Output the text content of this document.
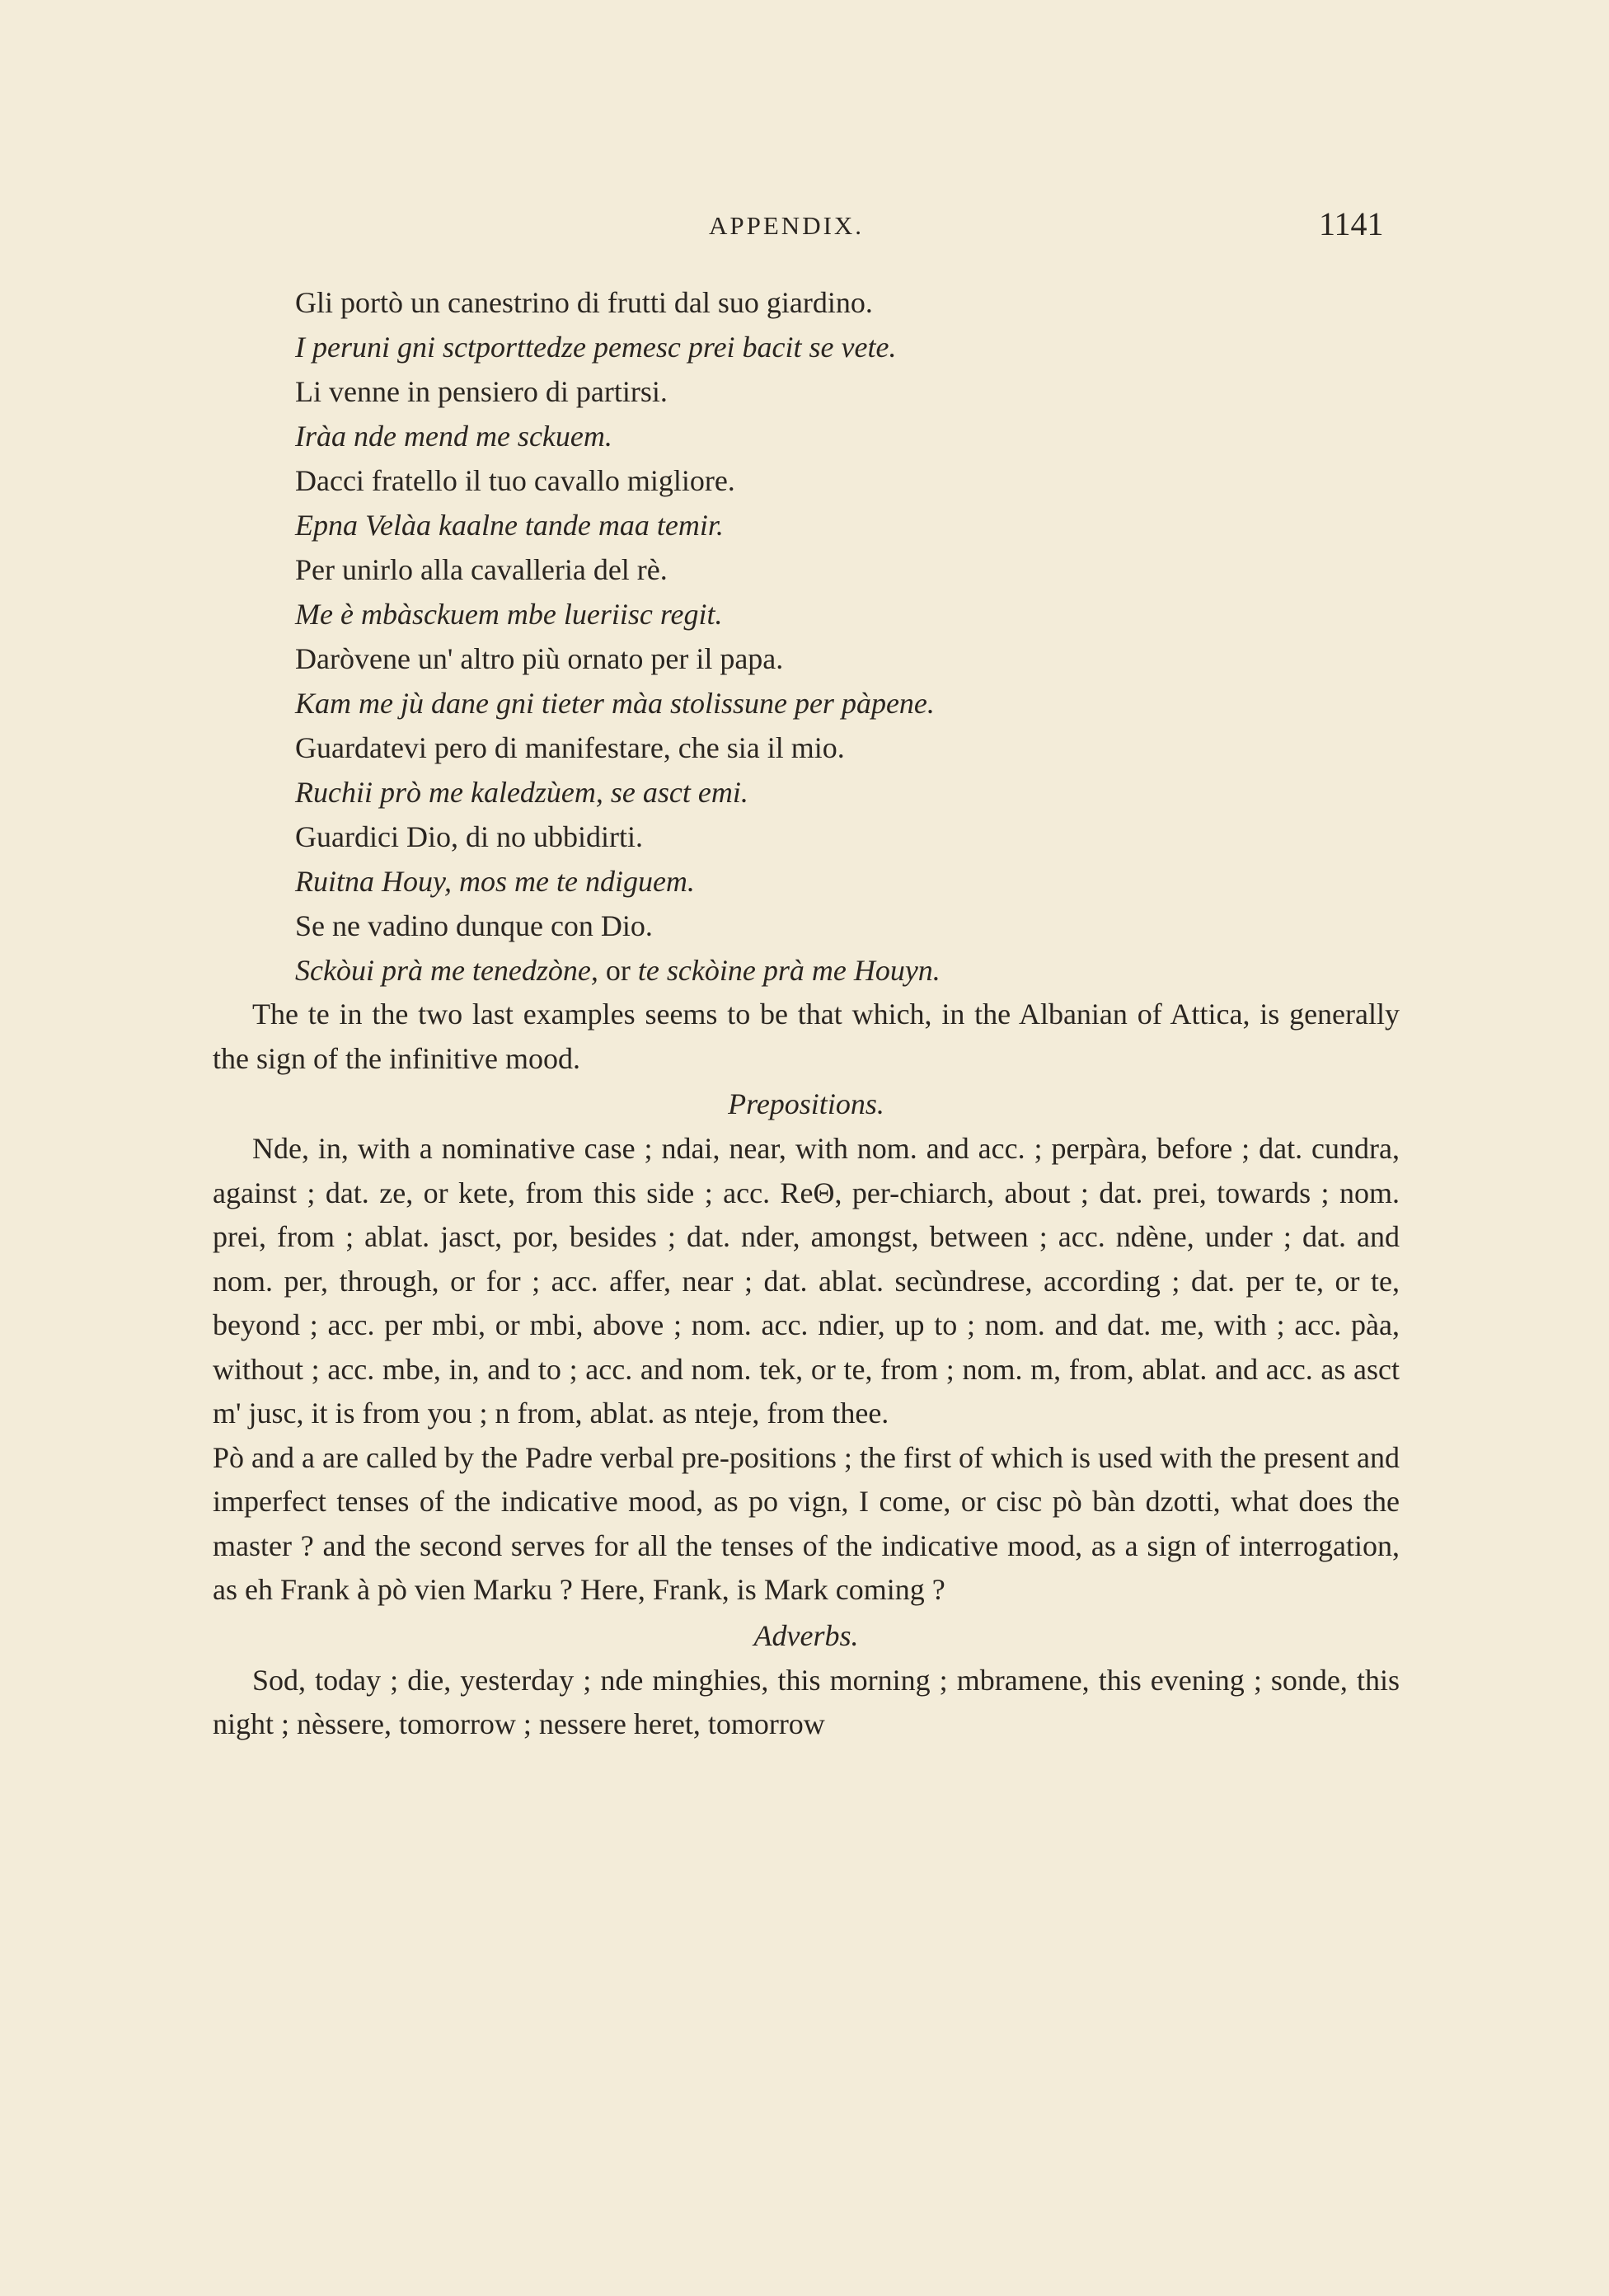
APPENDIX.	1141

Gli portò un canestrino di frutti dal suo giardino.

I peruni gni sctporttedze pemesc prei bacit se vete.

Li venne in pensiero di partirsi.

Iràa nde mend me sckuem.

Dacci fratello il tuo cavallo migliore.

Epna Velàa kaalne tande maa temir.

Per unirlo alla cavalleria del rè.

Me è mbàsckuem mbe lueriisc regit.

Daròvene un' altro più ornato per il papa.

Kam me jù dane gni tieter màa stolissune per pàpene.

Guardatevi pero di manifestare, che sia il mio.

Ruchii prò me kaledzùem, se asct emi.

Guardici Dio, di no ubbidirti.

Ruitna Houy, mos me te ndiguem.

Se ne vadino dunque con Dio.

Sckòui prà me tenedzòne, or te sckòine prà me Houyn.

The te in the two last examples seems to be that which, in the Albanian of Attica, is generally the sign of the infinitive mood.

Prepositions.

Nde, in, with a nominative case ; ndai, near, with nom. and acc. ; perpàra, before ; dat. cundra, against ; dat. ze, or kete, from this side ; acc. ReΘ, per-chiarch, about ; dat. prei, towards ; nom. prei, from ; ablat. jasct, por, besides ; dat. nder, amongst, between ; acc. ndène, under ; dat. and nom. per, through, or for ; acc. affer, near ; dat. ablat. secùndrese, according ; dat. per te, or te, beyond ; acc. per mbi, or mbi, above ; nom. acc. ndier, up to ; nom. and dat. me, with ; acc. pàa, without ; acc. mbe, in, and to ; acc. and nom. tek, or te, from ; nom. m, from, ablat. and acc. as asct m' jusc, it is from you ; n from, ablat. as nteje, from thee.

Pò and a are called by the Padre verbal pre-positions ; the first of which is used with the present and imperfect tenses of the indicative mood, as po vign, I come, or cisc pò bàn dzotti, what does the master ? and the second serves for all the tenses of the indicative mood, as a sign of interrogation, as eh Frank à pò vien Marku ? Here, Frank, is Mark coming ?

Adverbs.

Sod, today ; die, yesterday ; nde minghies, this morning ; mbramene, this evening ; sonde, this night ; nèssere, tomorrow ; nessere heret, tomorrow
